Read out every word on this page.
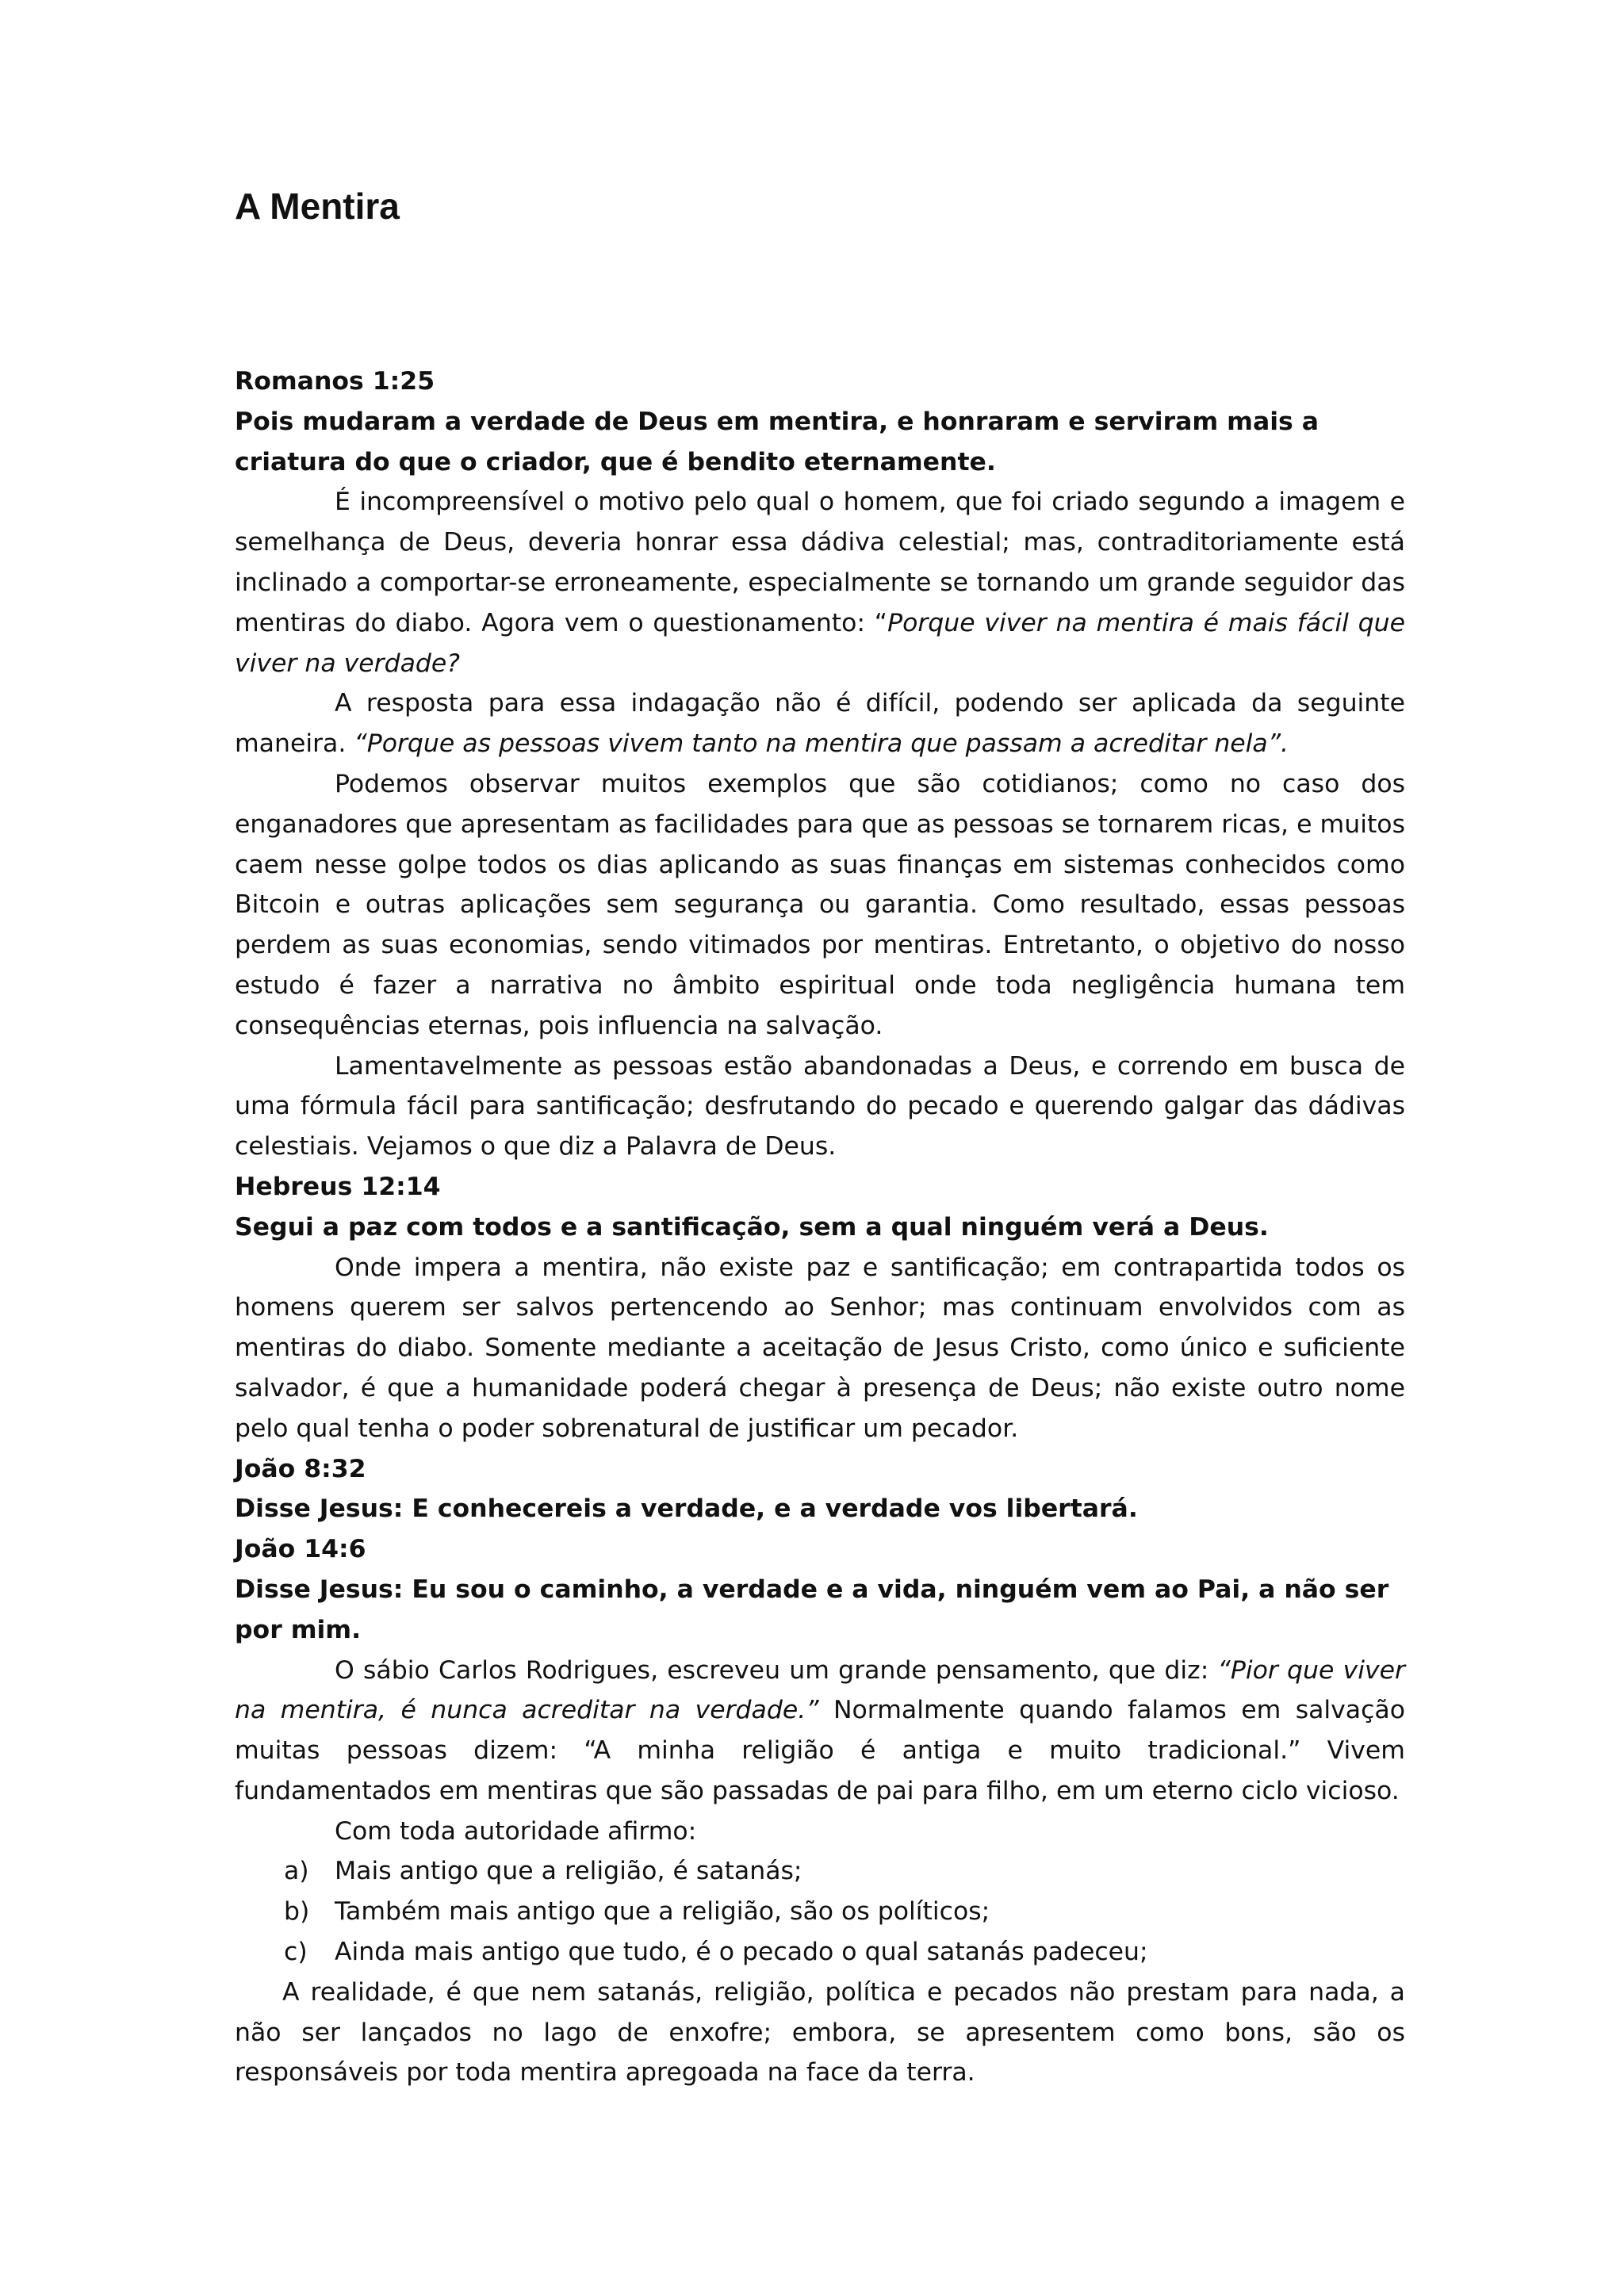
A Mentira

Romanos 1:25

Pois mudaram a verdade de Deus em mentira, e honraram e serviram mais a criatura do que o criador, que é bendito eternamente.

É incompreensível o motivo pelo qual o homem, que foi criado segundo a imagem e semelhança de Deus, deveria honrar essa dádiva celestial; mas, contraditoriamente está inclinado a comportar-se erroneamente, especialmente se tornando um grande seguidor das mentiras do diabo. Agora vem o questionamento: “Porque viver na mentira é mais fácil que viver na verdade?

A resposta para essa indagação não é difícil, podendo ser aplicada da seguinte maneira. “Porque as pessoas vivem tanto na mentira que passam a acreditar nela”.

Podemos observar muitos exemplos que são cotidianos; como no caso dos enganadores que apresentam as facilidades para que as pessoas se tornarem ricas, e muitos caem nesse golpe todos os dias aplicando as suas finanças em sistemas conhecidos como Bitcoin e outras aplicações sem segurança ou garantia. Como resultado, essas pessoas perdem as suas economias, sendo vitimados por mentiras. Entretanto, o objetivo do nosso estudo é fazer a narrativa no âmbito espiritual onde toda negligência humana tem consequências eternas, pois influencia na salvação.

Lamentavelmente as pessoas estão abandonadas a Deus, e correndo em busca de uma fórmula fácil para santificação; desfrutando do pecado e querendo galgar das dádivas celestiais. Vejamos o que diz a Palavra de Deus.

Hebreus 12:14

Segui a paz com todos e a santificação, sem a qual ninguém verá a Deus.

Onde impera a mentira, não existe paz e santificação; em contrapartida todos os homens querem ser salvos pertencendo ao Senhor; mas continuam envolvidos com as mentiras do diabo. Somente mediante a aceitação de Jesus Cristo, como único e suficiente salvador, é que a humanidade poderá chegar à presença de Deus; não existe outro nome pelo qual tenha o poder sobrenatural de justificar um pecador.

João 8:32

Disse Jesus: E conhecereis a verdade, e a verdade vos libertará.

João 14:6

Disse Jesus: Eu sou o caminho, a verdade e a vida, ninguém vem ao Pai, a não ser por mim.

O sábio Carlos Rodrigues, escreveu um grande pensamento, que diz: “Pior que viver na mentira, é nunca acreditar na verdade.” Normalmente quando falamos em salvação muitas pessoas dizem: “A minha religião é antiga e muito tradicional.” Vivem fundamentados em mentiras que são passadas de pai para filho, em um eterno ciclo vicioso.

Com toda autoridade afirmo:

a)	Mais antigo que a religião, é satanás;
b)	Também mais antigo que a religião, são os políticos;
c)	Ainda mais antigo que tudo, é o pecado o qual satanás padeceu;

A realidade, é que nem satanás, religião, política e pecados não prestam para nada, a não ser lançados no lago de enxofre; embora, se apresentem como bons, são os responsáveis por toda mentira apregoada na face da terra.
